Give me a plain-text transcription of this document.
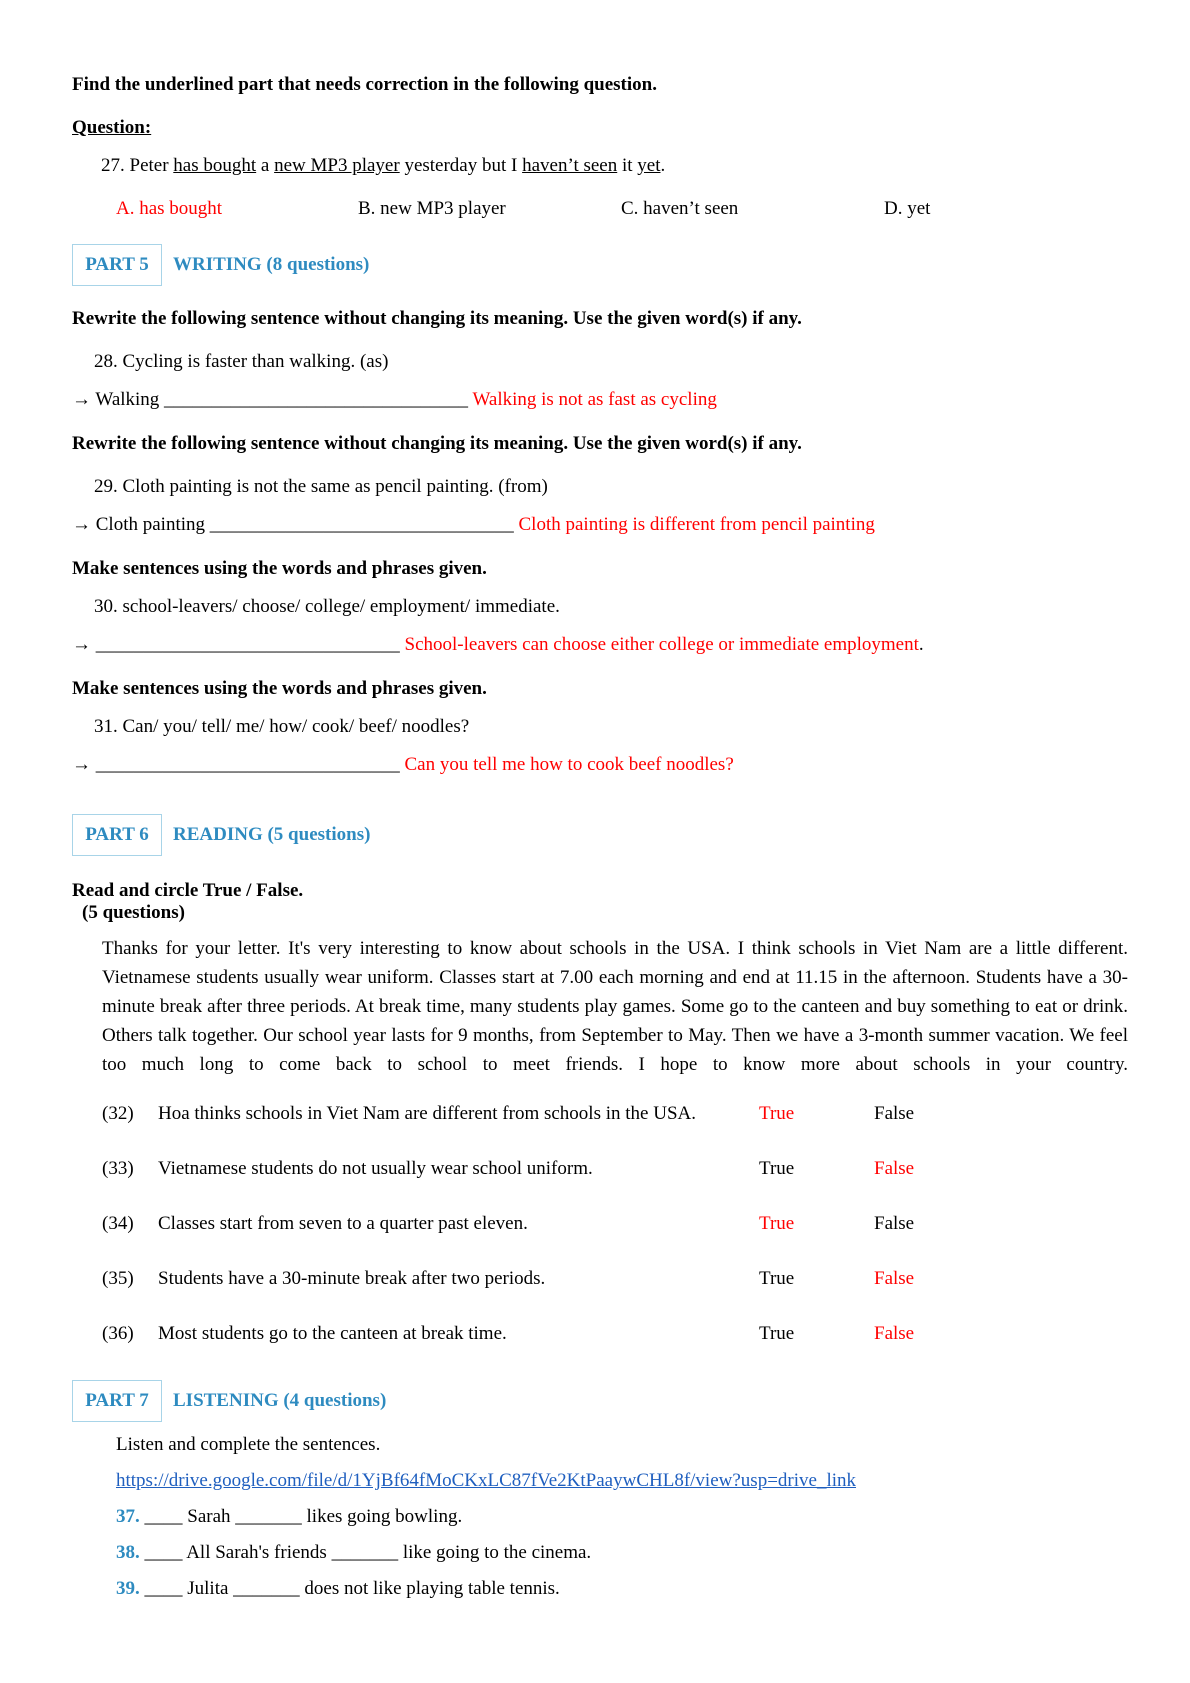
Find the underlined part that needs correction in the following question.
Question:
27. Peter has bought a new MP3 player yesterday but I haven’t seen it yet.
A. has bought	B. new MP3 player	C. haven’t seen	D. yet
PART 5	WRITING (8 questions)
Rewrite the following sentence without changing its meaning. Use the given word(s) if any.
28. Cycling is faster than walking. (as)
→ Walking ________________________________ Walking is not as fast as cycling
Rewrite the following sentence without changing its meaning. Use the given word(s) if any.
29. Cloth painting is not the same as pencil painting. (from)
→ Cloth painting ________________________________ Cloth painting is different from pencil painting
Make sentences using the words and phrases given.
30. school-leavers/ choose/ college/ employment/ immediate.
→ ________________________________ School-leavers can choose either college or immediate employment.
Make sentences using the words and phrases given.
31. Can/ you/ tell/ me/ how/ cook/ beef/ noodles?
→ ________________________________ Can you tell me how to cook beef noodles?
PART 6	READING (5 questions)
Read and circle True / False.
(5 questions)
Thanks for your letter. It's very interesting to know about schools in the USA. I think schools in Viet Nam are a little different. Vietnamese students usually wear uniform. Classes start at 7.00 each morning and end at 11.15 in the afternoon. Students have a 30-minute break after three periods. At break time, many students play games. Some go to the canteen and buy something to eat or drink. Others talk together. Our school year lasts for 9 months, from September to May. Then we have a 3-month summer vacation. We feel too much long to come back to school to meet friends. I hope to know more about schools in your country.
(32) Hoa thinks schools in Viet Nam are different from schools in the USA.	True	False
(33) Vietnamese students do not usually wear school uniform.	True	False
(34) Classes start from seven to a quarter past eleven.	True	False
(35) Students have a 30-minute break after two periods.	True	False
(36) Most students go to the canteen at break time.	True	False
PART 7	LISTENING (4 questions)
Listen and complete the sentences.
https://drive.google.com/file/d/1YjBf64fMoCKxLC87fVe2KtPaaywCHL8f/view?usp=drive_link
37. ____ Sarah _______ likes going bowling.
38. ____ All Sarah's friends _______ like going to the cinema.
39. ____ Julita _______ does not like playing table tennis.
